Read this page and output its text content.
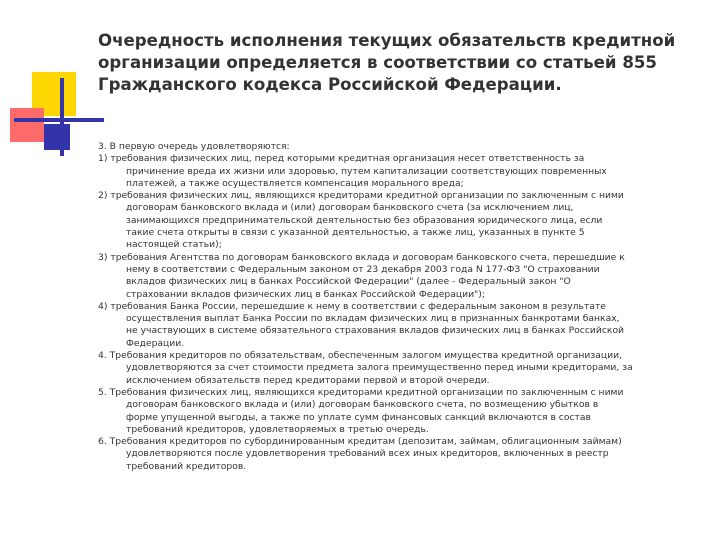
Очередность исполнения текущих обязательств кредитной
организации определяется в соответствии со статьей 855
Гражданского кодекса Российской Федерации.
3. В первую очередь удовлетворяются:
1) требования физических лиц, перед которыми кредитная организация несет ответственность за
причинение вреда их жизни или здоровью, путем капитализации соответствующих повременных
платежей, а также осуществляется компенсация морального вреда;
2) требования физических лиц, являющихся кредиторами кредитной организации по заключенным с ними
договорам банковского вклада и (или) договорам банковского счета (за исключением лиц,
занимающихся предпринимательской деятельностью без образования юридического лица, если
такие счета открыты в связи с указанной деятельностью, а также лиц, указанных в пункте 5
настоящей статьи);
3) требования Агентства по договорам банковского вклада и договорам банковского счета, перешедшие к
нему в соответствии с Федеральным законом от 23 декабря 2003 года N 177-ФЗ "О страховании
вкладов физических лиц в банках Российской Федерации" (далее - Федеральный закон "О
страховании вкладов физических лиц в банках Российской Федерации");
4) требования Банка России, перешедшие к нему в соответствии с федеральным законом в результате
осуществления выплат Банка России по вкладам физических лиц в признанных банкротами банках,
не участвующих в системе обязательного страхования вкладов физических лиц в банках Российской
Федерации.
4. Требования кредиторов по обязательствам, обеспеченным залогом имущества кредитной организации,
удовлетворяются за счет стоимости предмета залога преимущественно перед иными кредиторами, за
исключением обязательств перед кредиторами первой и второй очереди.
5. Требования физических лиц, являющихся кредиторами кредитной организации по заключенным с ними
договорам банковского вклада и (или) договорам банковского счета, по возмещению убытков в
форме упущенной выгоды, а также по уплате сумм финансовых санкций включаются в состав
требований кредиторов, удовлетворяемых в третью очередь.
6. Требования кредиторов по субординированным кредитам (депозитам, займам, облигационным займам)
удовлетворяются после удовлетворения требований всех иных кредиторов, включенных в реестр
требований кредиторов.
